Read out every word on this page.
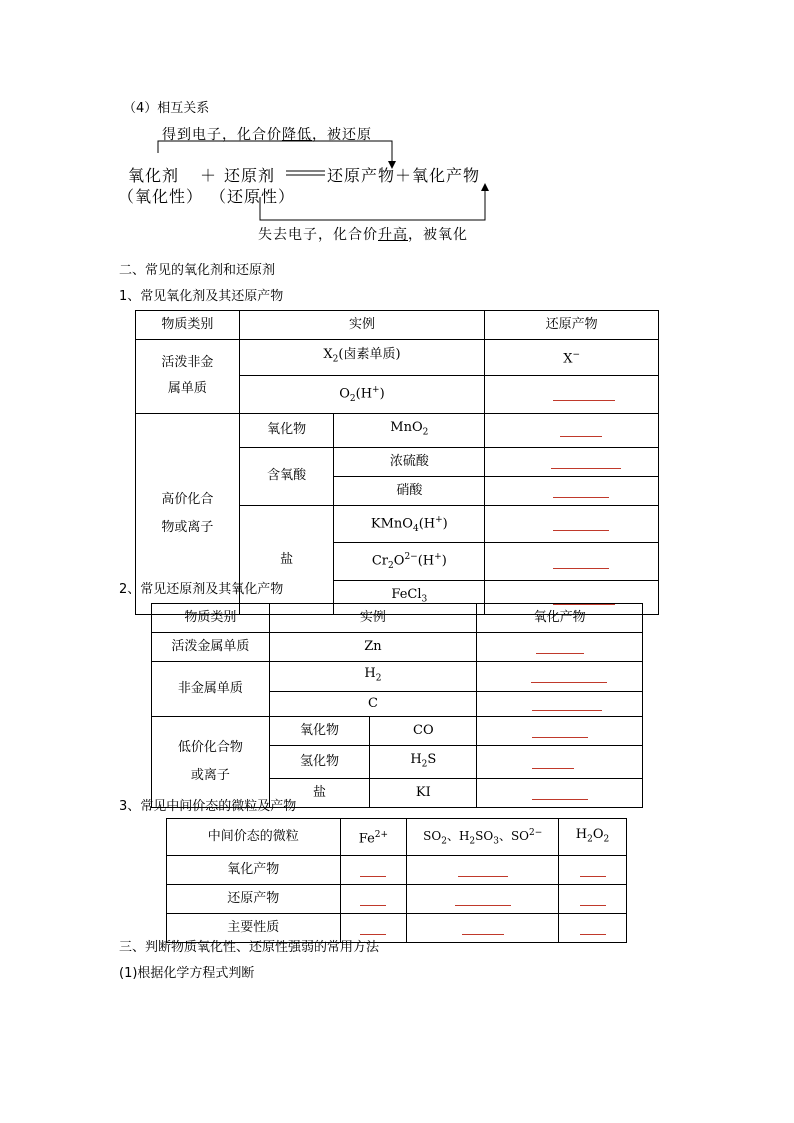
（4）相互关系
得到电子，化合价降低，被还原
氧化剂 ＋ 还原剂	还原产物＋氧化产物
（氧化性） （还原性）
失去电子，化合价升高，被氧化
二、常见的氧化剂和还原剂
1、常见氧化剂及其还原产物
物质类别	实例		还原产物
活泼非金
属单质	$X_2$(卤素单质)		X−
	$O_2(H^+)$		
高价化合
物或离子	氧化物	MnO$_2$	
	含氧酸	浓硫酸	
		硝酸	
	盐	KMnO$_4$(H+)	
		$Cr_2O^{2-}(H^+)$	
		FeCl$_3$	
2、常见还原剂及其氧化产物
物质类别	实例		氧化产物
活泼金属单质	Zn		
非金属单质	$H_2$	
	C		
低价化合物
或离子	氧化物	CO	
	氢化物	$H_2S$	
	盐	KI	
3、常见中间价态的微粒及产物
中间价态的微粒	$Fe^{2+}$	$SO_2$、$H_2SO_3$、$SO^{2-}$	$H_2O_2$
氧化产物			
还原产物			
主要性质			
三、判断物质氧化性、还原性强弱的常用方法
(1)根据化学方程式判断
